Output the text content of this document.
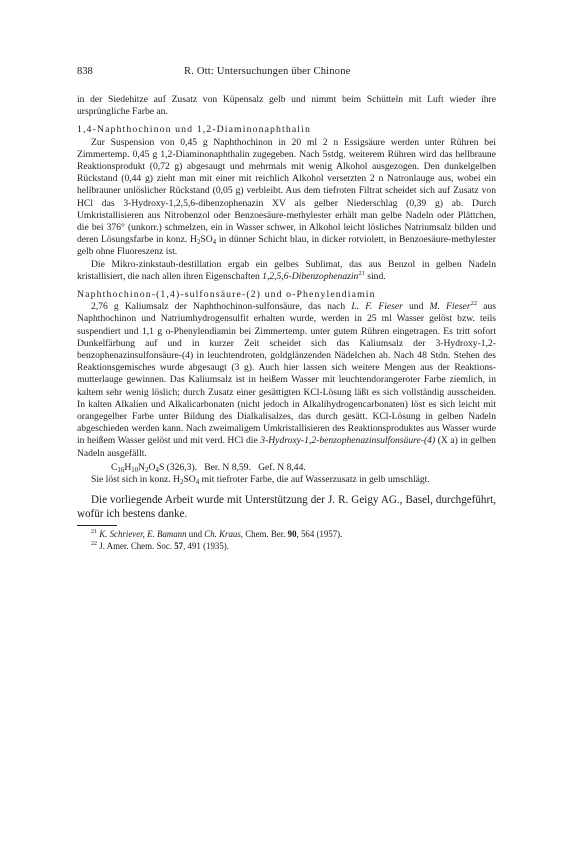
838	R. Ott: Untersuchungen über Chinone

in der Siedehitze auf Zusatz von Küpensalz gelb und nimmt beim Schütteln mit Luft wieder ihre ursprüngliche Farbe an.

1,4-Naphthochinon und 1,2-Diaminonaphthalin

Zur Suspension von 0,45 g Naphthochinon in 20 ml 2 n Essigsäure werden unter Rühren bei Zimmertemp. 0,45 g 1,2-Diaminonaphthalin zugegeben. Nach 5stdg. weiterem Rühren wird das hellbraune Reaktionsprodukt (0,72 g) abgesaugt und mehrmals mit wenig Alkohol ausgezogen. Den dunkelgelben Rückstand (0,44 g) zieht man mit einer mit reichlich Alkohol versetzten 2 n Natronlauge aus, wobei ein hellbrauner unlöslicher Rückstand (0,05 g) verbleibt. Aus dem tiefroten Filtrat scheidet sich auf Zusatz von HCl das 3-Hydroxy-1,2,5,6-dibenzophenazin XV als gelber Niederschlag (0,39 g) ab. Durch Umkristallisieren aus Nitrobenzol oder Benzoesäure-methylester erhält man gelbe Nadeln oder Plättchen, die bei 376° (unkorr.) schmelzen, ein in Wasser schwer, in Alkohol leicht lösliches Natriumsalz bilden und deren Lösungsfarbe in konz. $H_2SO_4$ in dünner Schicht blau, in dicker rotviolett, in Benzoesäure-methylester gelb ohne Fluoreszenz ist.

Die Mikro-zinkstaub-destillation ergab ein gelbes Sublimat, das aus Benzol in gelben Nadeln kristallisiert, die nach allen ihren Eigenschaften 1,2,5,6-Dibenzophenazin$^{21}$ sind.

Naphthochinon-(1,4)-sulfonsäure-(2) und o-Phenylendiamin

2,76 g Kaliumsalz der Naphthochinon-sulfonsäure, das nach L. F. Fieser und M. Fieser$^{22}$ aus Naphthochinon und Natriumhydrogensulfit erhalten wurde, werden in 25 ml Wasser gelöst bzw. teils suspendiert und 1,1 g o-Phenylendiamin bei Zimmertemp. unter gutem Rühren eingetragen. Es tritt sofort Dunkelfärbung auf und in kurzer Zeit scheidet sich das Kaliumsalz der 3-Hydroxy-1,2-benzophenazinsulfonsäure-(4) in leuchtendroten, goldglänzenden Nädelchen ab. Nach 48 Stdn. Stehen des Reaktionsgemisches wurde abgesaugt (3 g). Auch hier lassen sich weitere Mengen aus der Reaktions-mutterlauge gewinnen. Das Kaliumsalz ist in heißem Wasser mit leuchtendorangeroter Farbe ziemlich, in kaltem sehr wenig löslich; durch Zusatz einer gesättigten KCl-Lösung läßt es sich vollständig ausscheiden. In kalten Alkalien und Alkalicarbonaten (nicht jedoch in Alkalihydrogencarbonaten) löst es sich leicht mit orangegelber Farbe unter Bildung des Dialkalisalzes, das durch gesätt. KCl-Lösung in gelben Nadeln abgeschieden werden kann. Nach zweimaligem Umkristallisieren des Reaktionsproduktes aus Wasser wurde in heißem Wasser gelöst und mit verd. HCl die 3-Hydroxy-1,2-benzophenazinsulfonsäure-(4) (X a) in gelben Nadeln ausgefällt.

$C_{16}H_{10}N_2O_4S$ (326,3).   Ber. N 8,59.   Gef. N 8,44.

Sie löst sich in konz. $H_2SO_4$ mit tiefroter Farbe, die auf Wasserzusatz in gelb umschlägt.

Die vorliegende Arbeit wurde mit Unterstützung der J. R. Geigy AG., Basel, durchgeführt, wofür ich bestens danke.

$^{21}$ K. Schriever, E. Bamann und Ch. Kraus, Chem. Ber. 90, 564 (1957).

$^{22}$ J. Amer. Chem. Soc. 57, 491 (1935).
